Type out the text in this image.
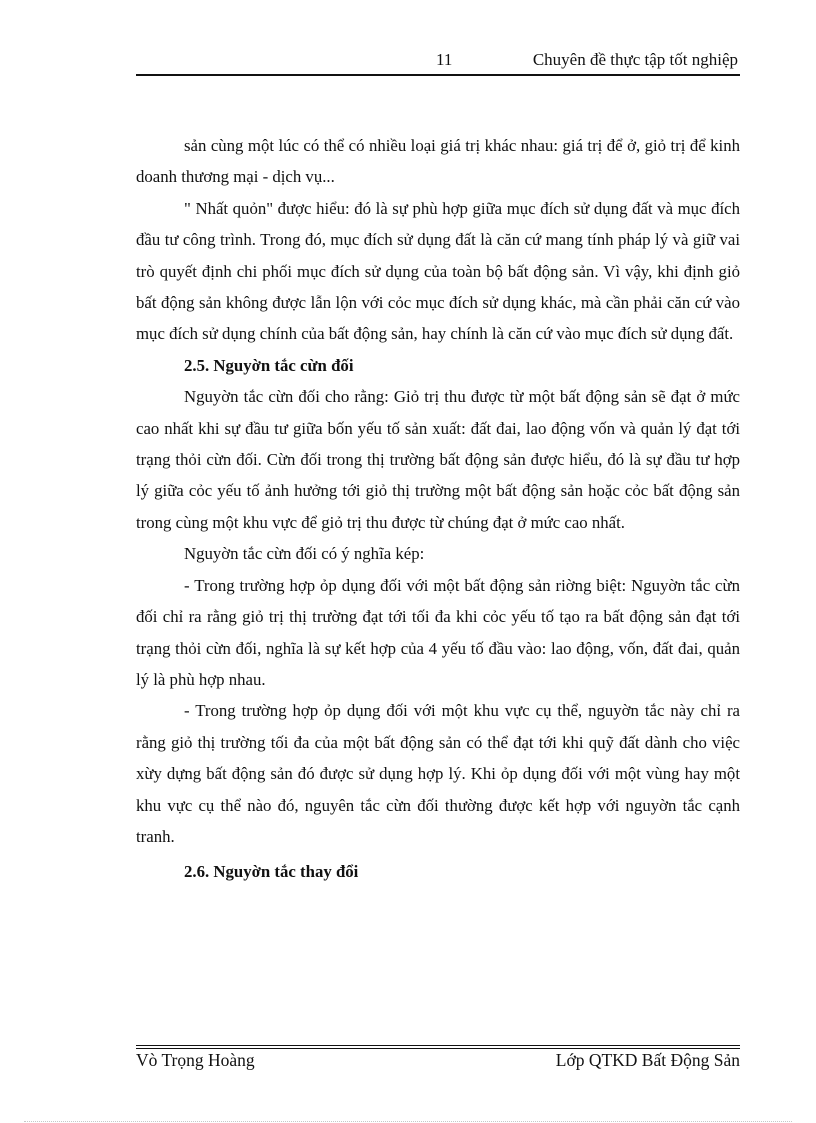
11	Chuyên đề thực tập tốt nghiệp

sản cùng một lúc có thể có nhiều loại giá trị khác nhau: giá trị để ở, giỏ trị để kinh doanh thương mại - dịch vụ...

" Nhất quỏn" được hiểu: đó là sự phù hợp giữa mục đích sử dụng đất và mục đích đầu tư công trình. Trong đó, mục đích sử dụng đất là căn cứ mang tính pháp lý và giữ vai trò quyết định chi phối mục đích sử dụng của toàn bộ bất động sản. Vì vậy, khi định giỏ bất động sản không được lẫn lộn với cỏc mục đích sử dụng khác, mà cần phải căn cứ vào mục đích sử dụng chính của bất động sản, hay chính là căn cứ vào mục đích sử dụng đất.

2.5. Nguyờn tắc cừn đối

Nguyờn tắc cừn đối cho rằng: Giỏ trị thu được từ một bất động sản sẽ đạt ở mức cao nhất khi sự đầu tư giữa bốn yếu tố sản xuất: đất đai, lao động vốn và quản lý đạt tới trạng thỏi cừn đối. Cừn đối trong thị trường bất động sản được hiểu, đó là sự đầu tư hợp lý giữa cỏc yếu tố ảnh hưởng tới giỏ thị trường một bất động sản hoặc cỏc bất động sản trong cùng một khu vực để giỏ trị thu được từ chúng đạt ở mức cao nhất.

Nguyờn tắc cừn đối có ý nghĩa kép:

- Trong trường hợp ỏp dụng đối với một bất động sản riờng biệt: Nguyờn tắc cừn đối chỉ ra rằng giỏ trị thị trường đạt tới tối đa khi cỏc yếu tố tạo ra bất động sản đạt tới trạng thỏi cừn đối, nghĩa là sự kết hợp của 4 yếu tố đầu vào: lao động, vốn, đất đai, quản lý là phù hợp nhau.

- Trong trường hợp ỏp dụng đối với một khu vực cụ thể, nguyờn tắc này chỉ ra rằng giỏ thị trường tối đa của một bất động sản có thể đạt tới khi quỹ đất dành cho việc xừy dựng bất động sản đó được sử dụng hợp lý. Khi ỏp dụng đối với một vùng hay một khu vực cụ thể nào đó, nguyên tắc cừn đối thường được kết hợp với nguyờn tắc cạnh tranh.

2.6. Nguyờn tắc thay đổi

Vò Trọng Hoàng	Lớp QTKD Bất Động Sản
